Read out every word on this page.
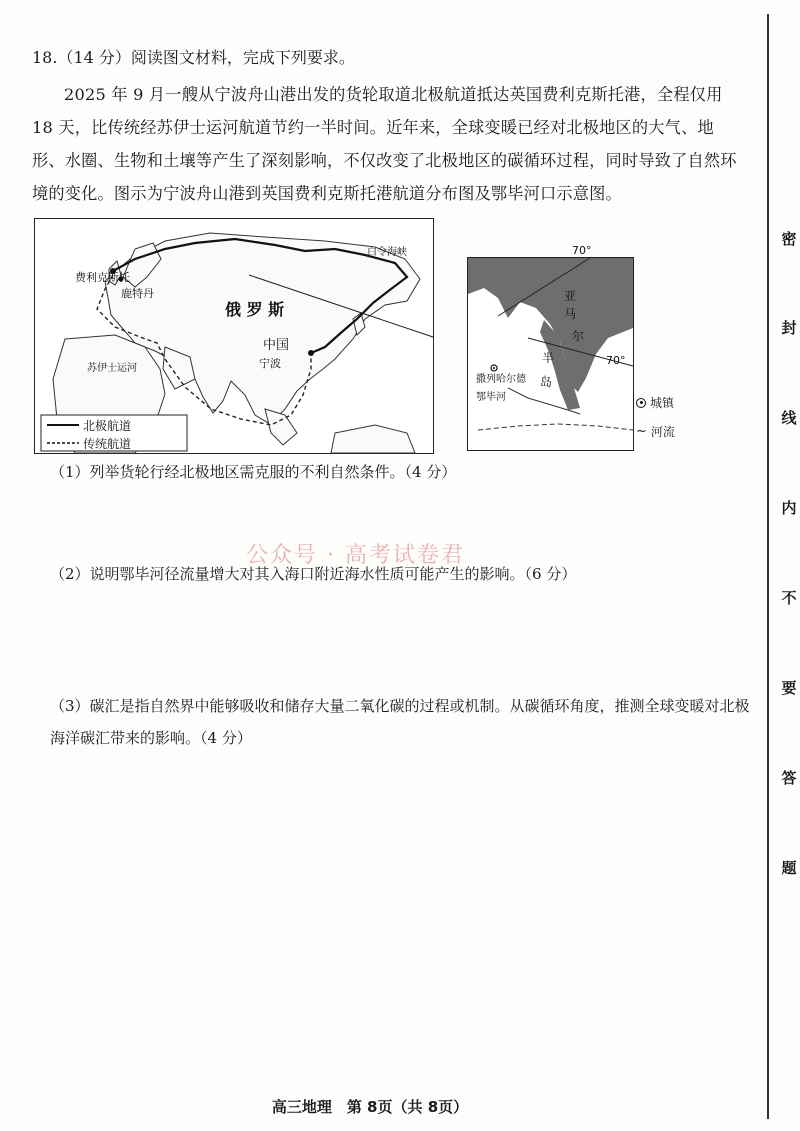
18.（14 分）阅读图文材料，完成下列要求。
2025 年 9 月一艘从宁波舟山港出发的货轮取道北极航道抵达英国费利克斯托港，全程仅用 18 天，比传统经苏伊士运河航道节约一半时间。近年来，全球变暖已经对北极地区的大气、地形、水圈、生物和土壤等产生了深刻影响，不仅改变了北极地区的碳循环过程，同时导致了自然环境的变化。图示为宁波舟山港到英国费利克斯托港航道分布图及鄂毕河口示意图。
费利克斯托
鹿特丹
苏伊士运河
俄 罗 斯
白令海峡
中国
宁波
北极航道
传统航道
70°
70°
亚
马
尔
半
岛
撒列哈尔德
鄂毕河	城镇
~ 河流
（1）列举货轮行经北极地区需克服的不利自然条件。（4 分）
公众号 · 高考试卷君
（2）说明鄂毕河径流量增大对其入海口附近海水性质可能产生的影响。（6 分）
（3）碳汇是指自然界中能够吸收和储存大量二氧化碳的过程或机制。从碳循环角度，推测全球变暖对北极海洋碳汇带来的影响。（4 分）
高三地理　第 8页（共 8页）
密
封
线
内
不
要
答
题
